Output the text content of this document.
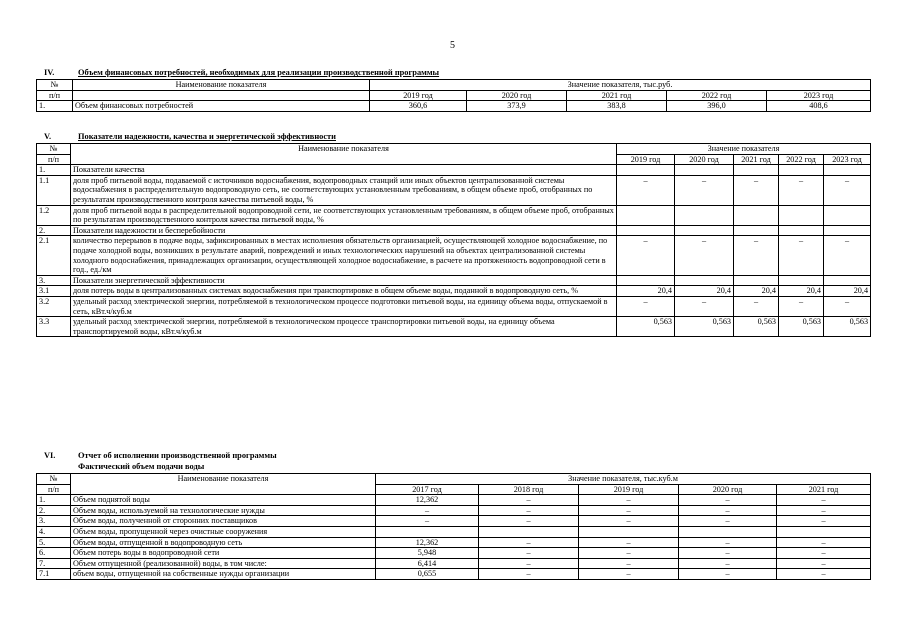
5
IV.	Объем финансовых потребностей, необходимых для реализации производственной программы
№	Наименование показателя	Значение показателя, тыс.руб.				
п/п		2019 год	2020 год	2021 год	2022 год	2023 год
1.	Объем финансовых потребностей	360,6	373,9	383,8	396,0	408,6
V.	Показатели надежности, качества и энергетической эффективности
№	Наименование показателя	Значение показателя				
п/п		2019 год	2020 год	2021 год	2022 год	2023 год
1.	Показатели качества					
1.1	доля проб питьевой воды, подаваемой с источников водоснабжения, водопроводных станций или иных объектов централизованной системы водоснабжения в распределительную водопроводную сеть, не соответствующих установленным требованиям, в общем объеме проб, отобранных по результатам производственного контроля качества питьевой воды, %	–	–	–	–	–
1.2	доля проб питьевой воды в распределительной водопроводной сети, не соответствующих установленным требованиям, в общем объеме проб, отобранных по результатам производственного контроля качества питьевой воды, %					
2.	Показатели надежности и бесперебойности					
2.1	количество перерывов в подаче воды, зафиксированных в местах исполнения обязательств организацией, осуществляющей холодное водоснабжение, по подаче холодной воды, возникших в результате аварий, повреждений и иных технологических нарушений на объектах централизованной системы холодного водоснабжения, принадлежащих организации, осуществляющей холодное водоснабжение, в расчете на протяженность водопроводной сети в год., ед./км	–	–	–	–	–
3.	Показатели энергетической эффективности					
3.1	доля потерь воды в централизованных системах водоснабжения при транспортировке в общем объеме воды, поданной в водопроводную сеть, %	20,4	20,4	20,4	20,4	20,4
3.2	удельный расход электрической энергии, потребляемой в технологическом процессе подготовки питьевой воды, на единицу объема воды, отпускаемой в сеть, кВт.ч/куб.м	–	–	–	–	–
3.3	удельный расход электрической энергии, потребляемой в технологическом процессе транспортировки питьевой воды, на единицу объема транспортируемой воды, кВт.ч/куб.м	0,563	0,563	0,563	0,563	0,563
VI.	Отчет об исполнении производственной программы
Фактический объем подачи воды
№	Наименование показателя	Значение показателя, тыс.куб.м				
п/п		2017 год	2018 год	2019 год	2020 год	2021 год
1.	Объем поднятой воды	12,362	–	–	–	–
2.	Объем воды, используемой на технологические нужды	–	–	–	–	–
3.	Объем воды, полученной от сторонних поставщиков	–	–	–	–	–
4.	Объем воды, пропущенной через очистные сооружения					
5.	Объем воды, отпущенной в водопроводную сеть	12,362	–	–	–	–
6.	Объем потерь воды в водопроводной сети	5,948	–	–	–	–
7.	Объем отпущенной (реализованной) воды, в том числе:	6,414	–	–	–	–
7.1	объем воды, отпущенной на собственные нужды организации	0,655	–	–	–	–
